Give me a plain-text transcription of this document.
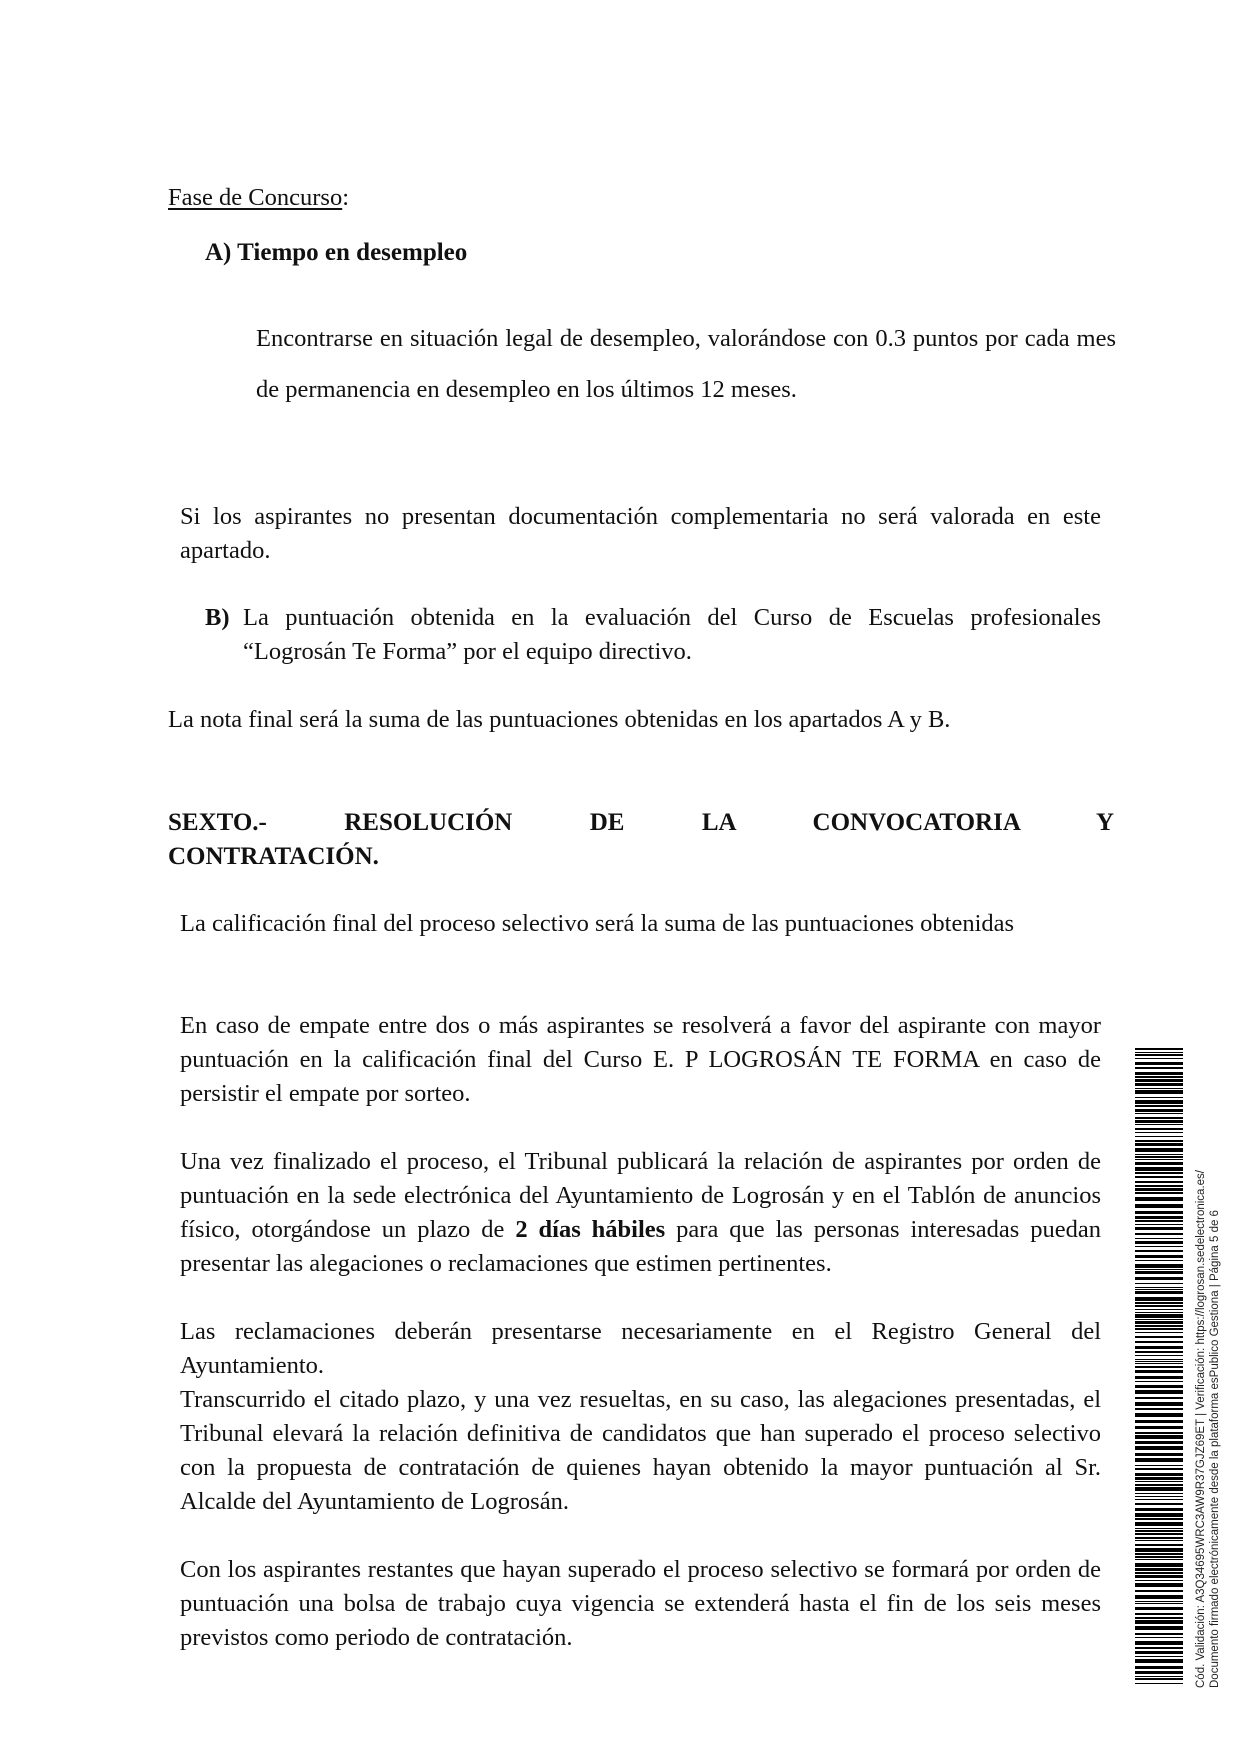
Fase de Concurso:

A) Tiempo en desempleo

Encontrarse en situación legal de desempleo, valorándose con 0.3 puntos por cada mes de permanencia en desempleo en los últimos 12 meses.

Si los aspirantes no presentan documentación complementaria no será valorada en este apartado.

B) La puntuación obtenida en la evaluación del Curso de Escuelas profesionales “Logrosán Te Forma” por el equipo directivo.

La nota final será la suma de las puntuaciones obtenidas en los apartados A y B.

SEXTO.- RESOLUCIÓN DE LA CONVOCATORIA Y
CONTRATACIÓN.

La calificación final del proceso selectivo será la suma de las puntuaciones obtenidas

En caso de empate entre dos o más aspirantes se resolverá a favor del aspirante con mayor puntuación en la calificación final del Curso E. P LOGROSÁN TE FORMA en caso de persistir el empate por sorteo.

Una vez finalizado el proceso, el Tribunal publicará la relación de aspirantes por orden de puntuación en la sede electrónica del Ayuntamiento de Logrosán y en el Tablón de anuncios físico, otorgándose un plazo de 2 días hábiles para que las personas interesadas puedan presentar las alegaciones o reclamaciones que estimen pertinentes.

Las reclamaciones deberán presentarse necesariamente en el Registro General del Ayuntamiento.

Transcurrido el citado plazo, y una vez resueltas, en su caso, las alegaciones presentadas, el Tribunal elevará la relación definitiva de candidatos que han superado el proceso selectivo con la propuesta de contratación de quienes hayan obtenido la mayor puntuación al Sr. Alcalde del Ayuntamiento de Logrosán.

Con los aspirantes restantes que hayan superado el proceso selectivo se formará por orden de puntuación una bolsa de trabajo cuya vigencia se extenderá hasta el fin de los seis meses previstos como periodo de contratación.	Cód. Validación: A3Q34695WRC3AW9R37GJZ69ET | Verificación: https://logrosan.sedelectronica.es/ Documento firmado electrónicamente desde la plataforma esPublico Gestiona | Página 5 de 6
